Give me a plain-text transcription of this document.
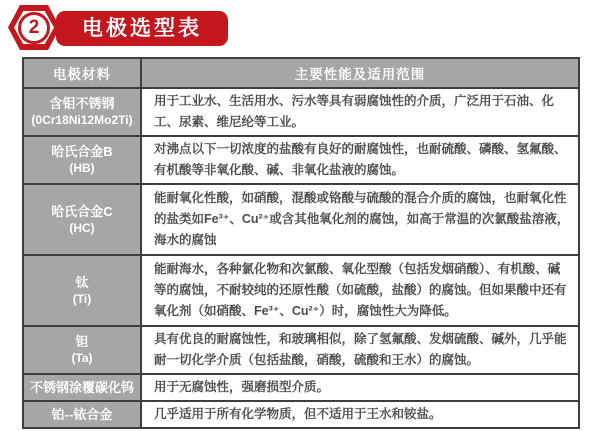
2 电极选型表
电极材料	主要性能及适用范围

含钼不锈钢
(0Cr18Ni12Mo2Ti)	用于工业水、生活用水、污水等具有弱腐蚀性的介质，广泛用于石油、化工、尿素、维尼纶等工业。

哈氏合金B
(HB)	对沸点以下一切浓度的盐酸有良好的耐腐蚀性，也耐硫酸、磷酸、氢氟酸、有机酸等非氧化酸、碱、非氧化盐液的腐蚀。

哈氏合金C
(HC)	能耐氧化性酸，如硝酸，混酸或铬酸与硫酸的混合介质的腐蚀，也耐氧化性的盐类如Fe³⁺、Cu²⁺或含其他氧化剂的腐蚀，如高于常温的次氯酸盐溶液，海水的腐蚀

钛
(Ti)	能耐海水，各种氯化物和次氯酸、氧化型酸（包括发烟硝酸）、有机酸、碱等的腐蚀，不耐较纯的还原性酸（如硫酸，盐酸）的腐蚀。但如果酸中还有氧化剂（如硝酸、Fe³⁺、Cu²⁺）时，腐蚀性大为降低。

钽
(Ta)	具有优良的耐腐蚀性，和玻璃相似，除了氢氟酸、发烟硫酸、碱外，几乎能耐一切化学介质（包括盐酸，硝酸，硫酸和王水）的腐蚀。

不锈钢涂覆碳化钨	用于无腐蚀性，强磨损型介质。

铂--铱合金	几乎适用于所有化学物质，但不适用于王水和铵盐。
